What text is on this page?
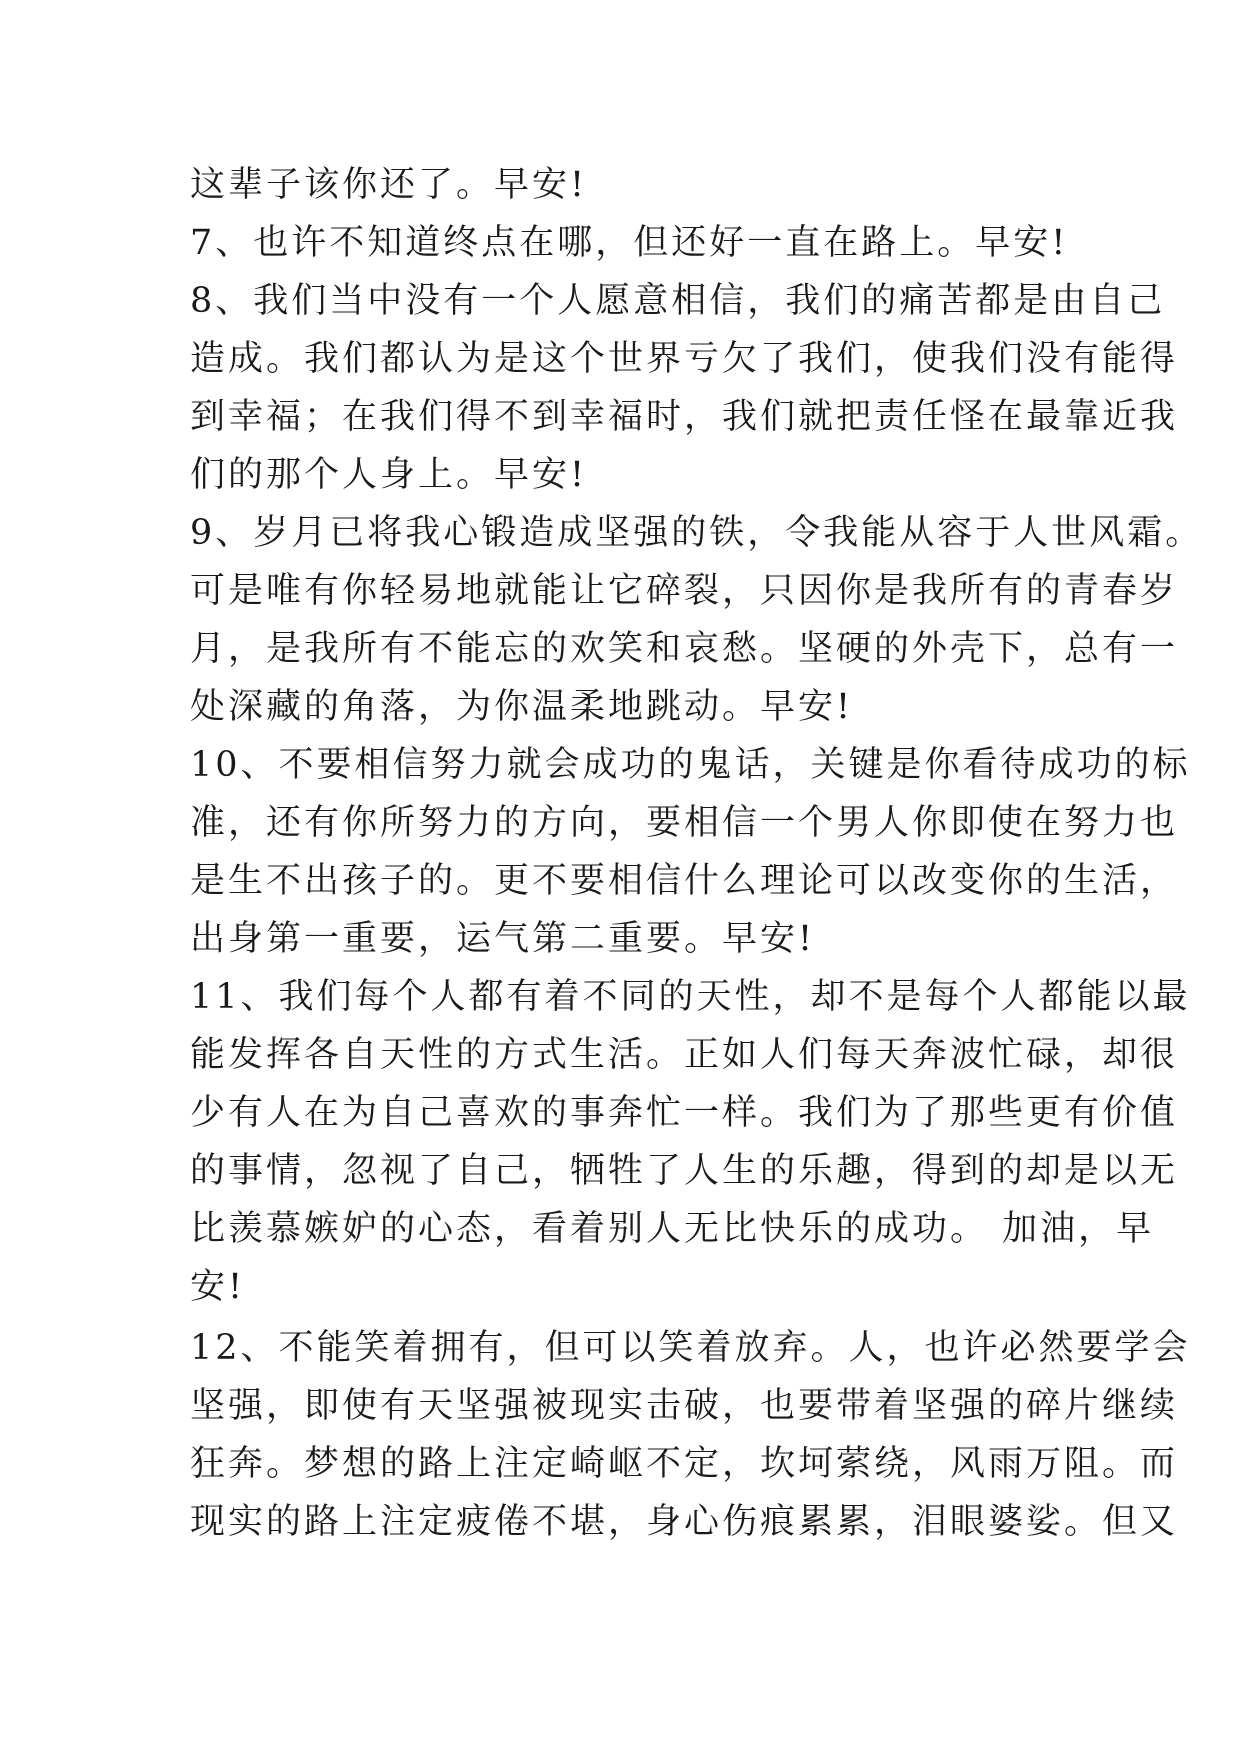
这辈子该你还了。早安!
7、也许不知道终点在哪，但还好一直在路上。早安!
8、我们当中没有一个人愿意相信，我们的痛苦都是由自己
造成。我们都认为是这个世界亏欠了我们，使我们没有能得
到幸福；在我们得不到幸福时，我们就把责任怪在最靠近我
们的那个人身上。早安!
9、岁月已将我心锻造成坚强的铁，令我能从容于人世风霜。
可是唯有你轻易地就能让它碎裂，只因你是我所有的青春岁
月，是我所有不能忘的欢笑和哀愁。坚硬的外壳下，总有一
处深藏的角落，为你温柔地跳动。早安!
10、不要相信努力就会成功的鬼话，关键是你看待成功的标
准，还有你所努力的方向，要相信一个男人你即使在努力也
是生不出孩子的。更不要相信什么理论可以改变你的生活，
出身第一重要，运气第二重要。早安!
11、我们每个人都有着不同的天性，却不是每个人都能以最
能发挥各自天性的方式生活。正如人们每天奔波忙碌，却很
少有人在为自己喜欢的事奔忙一样。我们为了那些更有价值
的事情，忽视了自己，牺牲了人生的乐趣，得到的却是以无
比羡慕嫉妒的心态，看着别人无比快乐的成功。 加油，早
安!
12、不能笑着拥有，但可以笑着放弃。人，也许必然要学会
坚强，即使有天坚强被现实击破，也要带着坚强的碎片继续
狂奔。梦想的路上注定崎岖不定，坎坷萦绕，风雨万阻。而
现实的路上注定疲倦不堪，身心伤痕累累，泪眼婆娑。但又
